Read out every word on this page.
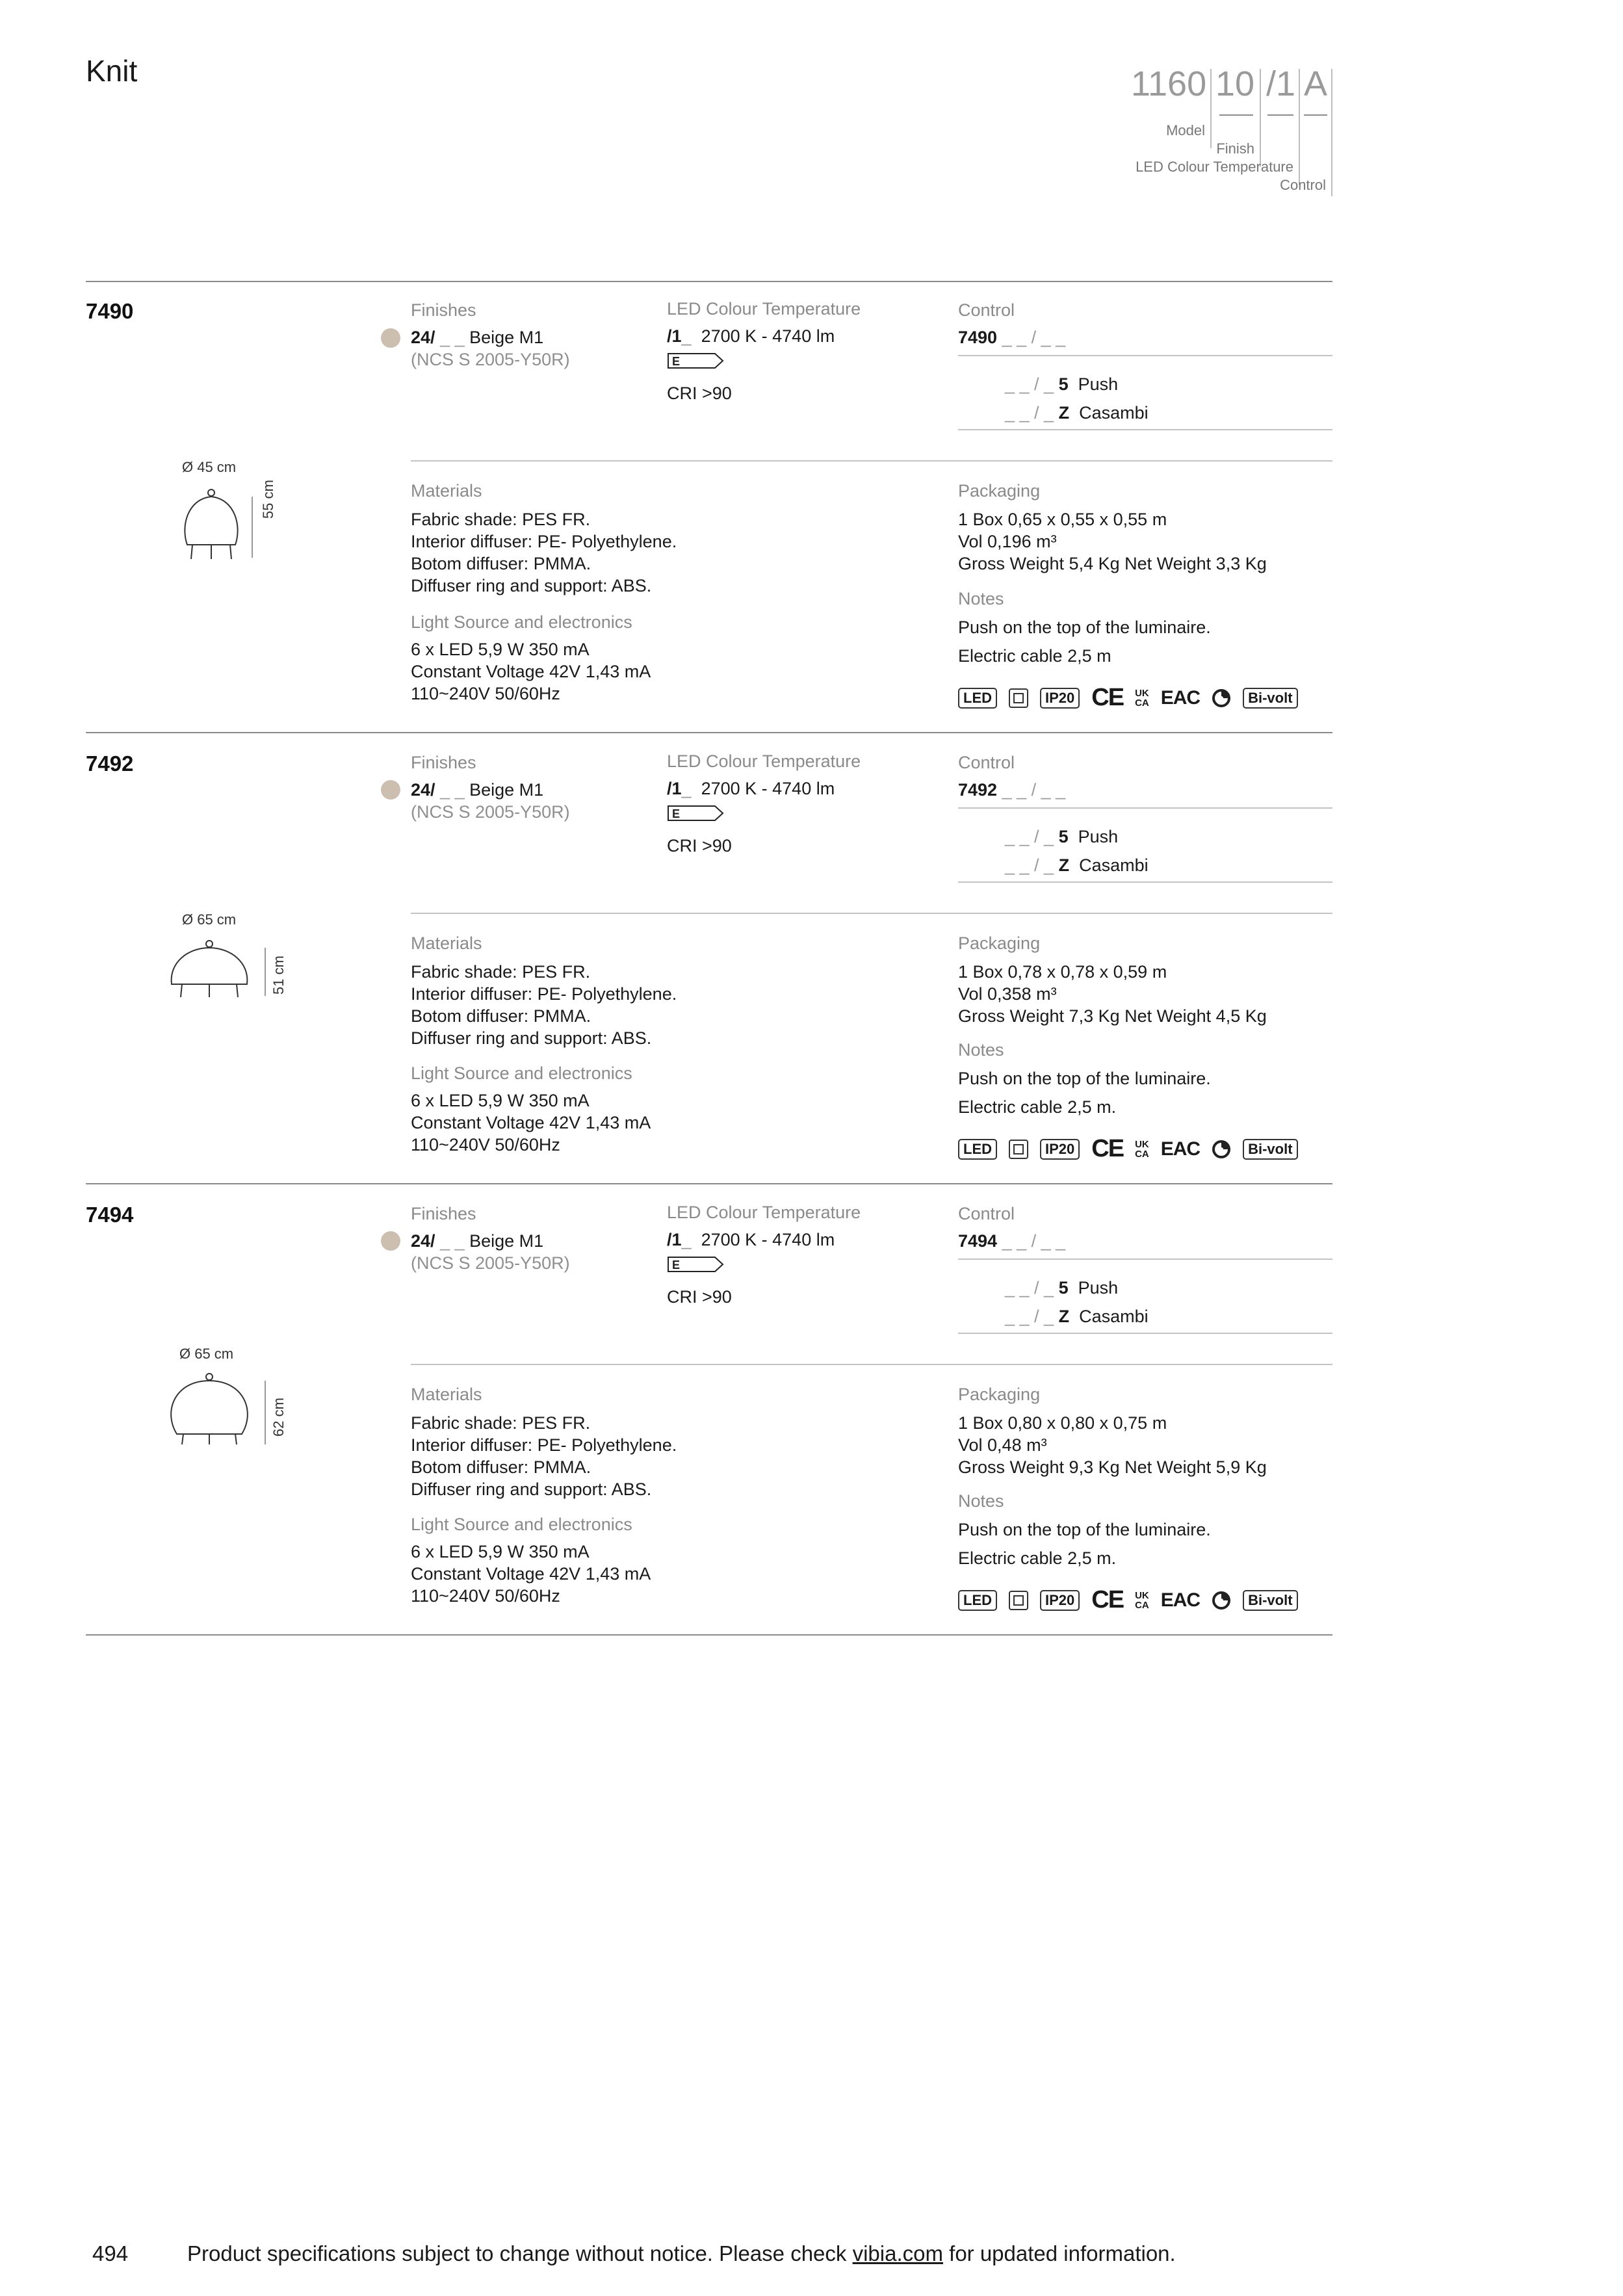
Knit	1160 10 /1 A
Model
Finish
LED Colour Temperature
Control
7490	Finishes
24/ _ _ Beige M1
(NCS S 2005-Y50R)
LED Colour Temperature
/1_ 2700 K - 4740 lm
E
CRI >90
Control
7490 _ _ / _ _
_ _ / _ 5 Push
_ _ / _ Z Casambi
Ø 45 cm
55 cm	Materials
Fabric shade: PES FR.
Interior diffuser: PE- Polyethylene.
Botom diffuser: PMMA.
Diffuser ring and support: ABS.
Light Source and electronics
6 x LED 5,9 W 350 mA
Constant Voltage 42V 1,43 mA
110~240V 50/60Hz
Packaging
1 Box 0,65 x 0,55 x 0,55 m
Vol 0,196 m³
Gross Weight 5,4 Kg Net Weight 3,3 Kg
Notes
Push on the top of the luminaire.
Electric cable 2,5 m
LED	IP20 CE UK
CA EAC	Bi-volt
7492	Finishes
24/ _ _ Beige M1
(NCS S 2005-Y50R)
LED Colour Temperature
/1_ 2700 K - 4740 lm
E
CRI >90
Control
7492 _ _ / _ _
_ _ / _ 5 Push
_ _ / _ Z Casambi
Ø 65 cm
51 cm
Materials
Fabric shade: PES FR.
Interior diffuser: PE- Polyethylene.
Botom diffuser: PMMA.
Diffuser ring and support: ABS.
Light Source and electronics
6 x LED 5,9 W 350 mA
Constant Voltage 42V 1,43 mA
110~240V 50/60Hz
Packaging
1 Box 0,78 x 0,78 x 0,59 m
Vol 0,358 m³
Gross Weight 7,3 Kg Net Weight 4,5 Kg
Notes
Push on the top of the luminaire.
Electric cable 2,5 m.
LED	IP20 CE UK
CA EAC	Bi-volt
7494	Finishes
24/ _ _ Beige M1
(NCS S 2005-Y50R)
LED Colour Temperature
/1_ 2700 K - 4740 lm
E
CRI >90
Control
7494 _ _ / _ _
_ _ / _ 5 Push
_ _ / _ Z Casambi
Ø 65 cm
62 cm
Materials
Fabric shade: PES FR.
Interior diffuser: PE- Polyethylene.
Botom diffuser: PMMA.
Diffuser ring and support: ABS.
Light Source and electronics
6 x LED 5,9 W 350 mA
Constant Voltage 42V 1,43 mA
110~240V 50/60Hz
Packaging
1 Box 0,80 x 0,80 x 0,75 m
Vol 0,48 m³
Gross Weight 9,3 Kg Net Weight 5,9 Kg
Notes
Push on the top of the luminaire.
Electric cable 2,5 m.
LED	IP20 CE UK
CA EAC	Bi-volt
494	Product specifications subject to change without notice. Please check vibia.com for updated information.
